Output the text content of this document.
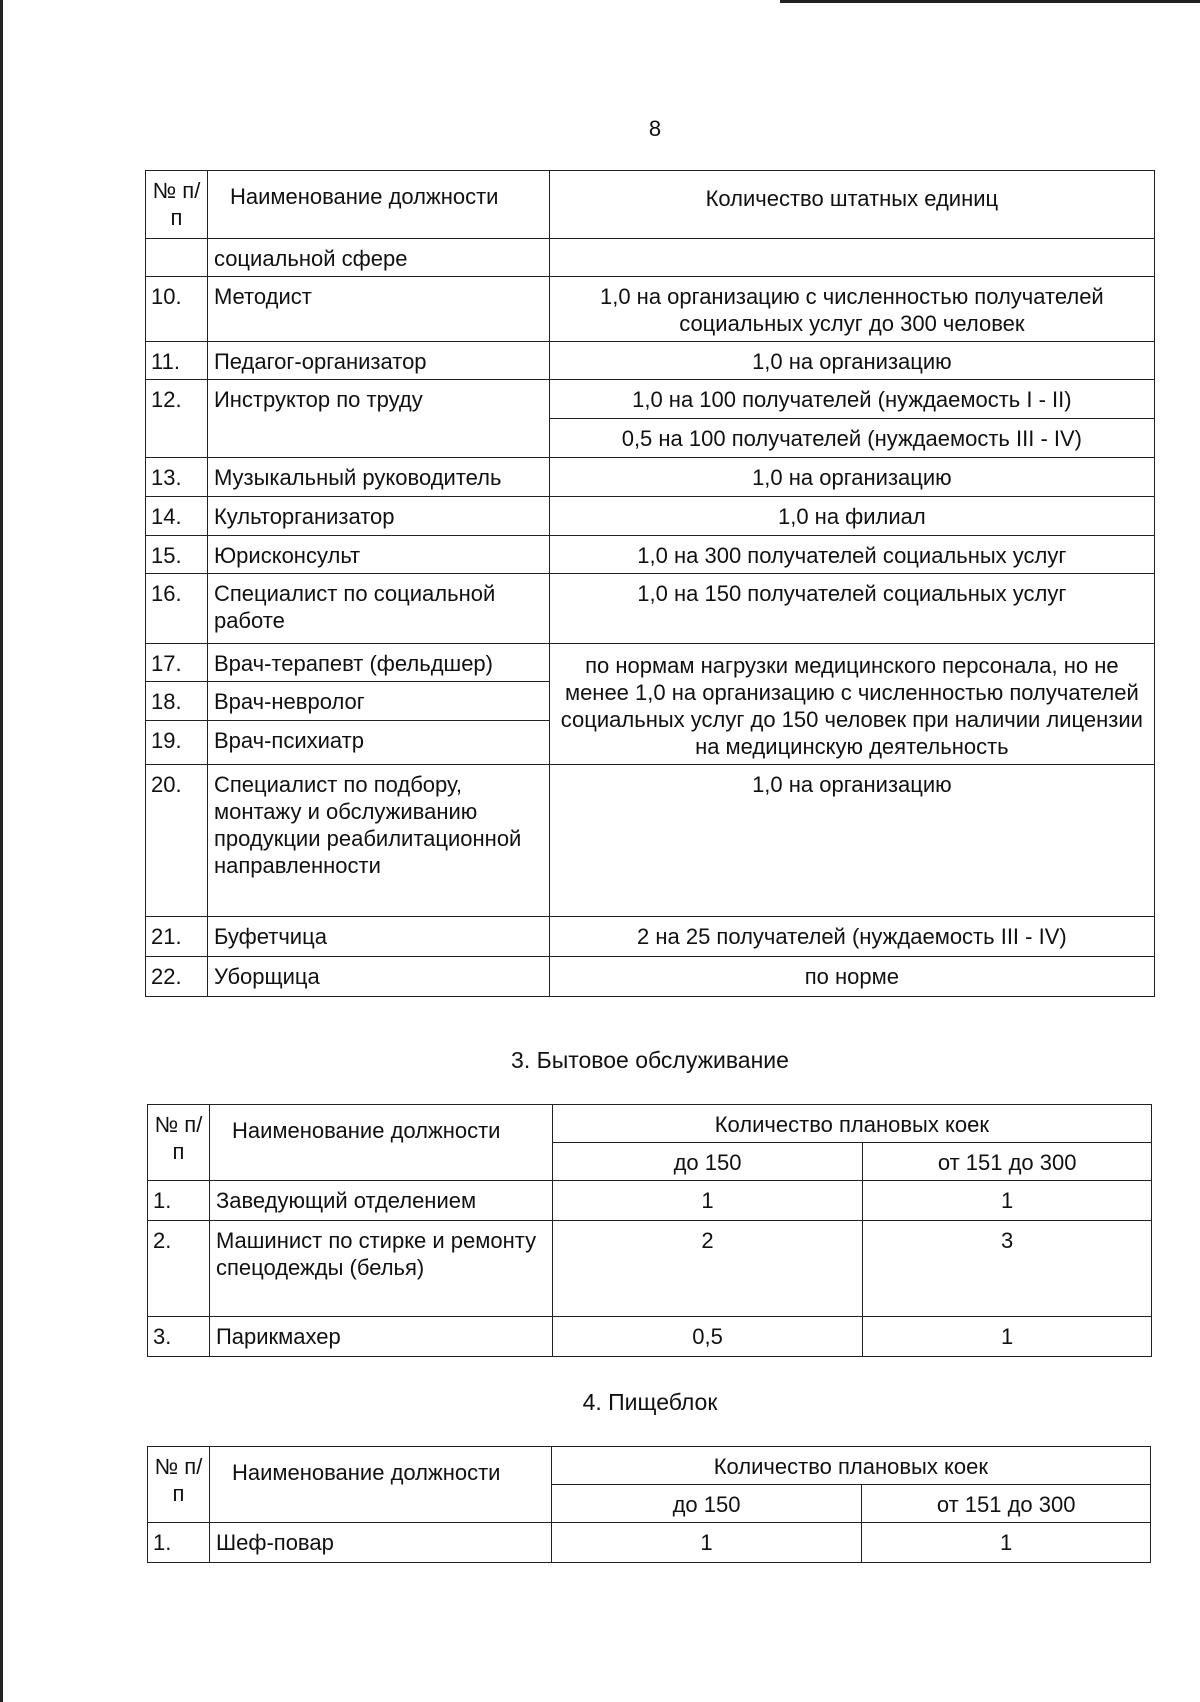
8
№ п/п	Наименование должности	Количество штатных единиц
	социальной сфере	
10.	Методист	1,0 на организацию с численностью получателей социальных услуг до 300 человек
11.	Педагог-организатор	1,0 на организацию
12.	Инструктор по труду	1,0 на 100 получателей (нуждаемость I - II)
		0,5 на 100 получателей (нуждаемость III - IV)
13.	Музыкальный руководитель	1,0 на организацию
14.	Культорганизатор	1,0 на филиал
15.	Юрисконсульт	1,0 на 300 получателей социальных услуг
16.	Специалист по социальной работе	1,0 на 150 получателей социальных услуг
17.	Врач-терапевт (фельдшер)	по нормам нагрузки медицинского персонала, но не менее 1,0 на организацию с численностью получателей социальных услуг до 150 человек при наличии лицензии на медицинскую деятельность
18.	Врач-невролог	
19.	Врач-психиатр	
20.	Специалист по подбору, монтажу и обслуживанию продукции реабилитационной направленности	1,0 на организацию
21.	Буфетчица	2 на 25 получателей (нуждаемость III - IV)
22.	Уборщица	по норме
3. Бытовое обслуживание
№ п/п	Наименование должности	Количество плановых коек	
		до 150	от 151 до 300
1.	Заведующий отделением	1	1
2.	Машинист по стирке и ремонту спецодежды (белья)	2	3
3.	Парикмахер	0,5	1
4. Пищеблок
№ п/п	Наименование должности	Количество плановых коек	
		до 150	от 151 до 300
1.	Шеф-повар	1	1
